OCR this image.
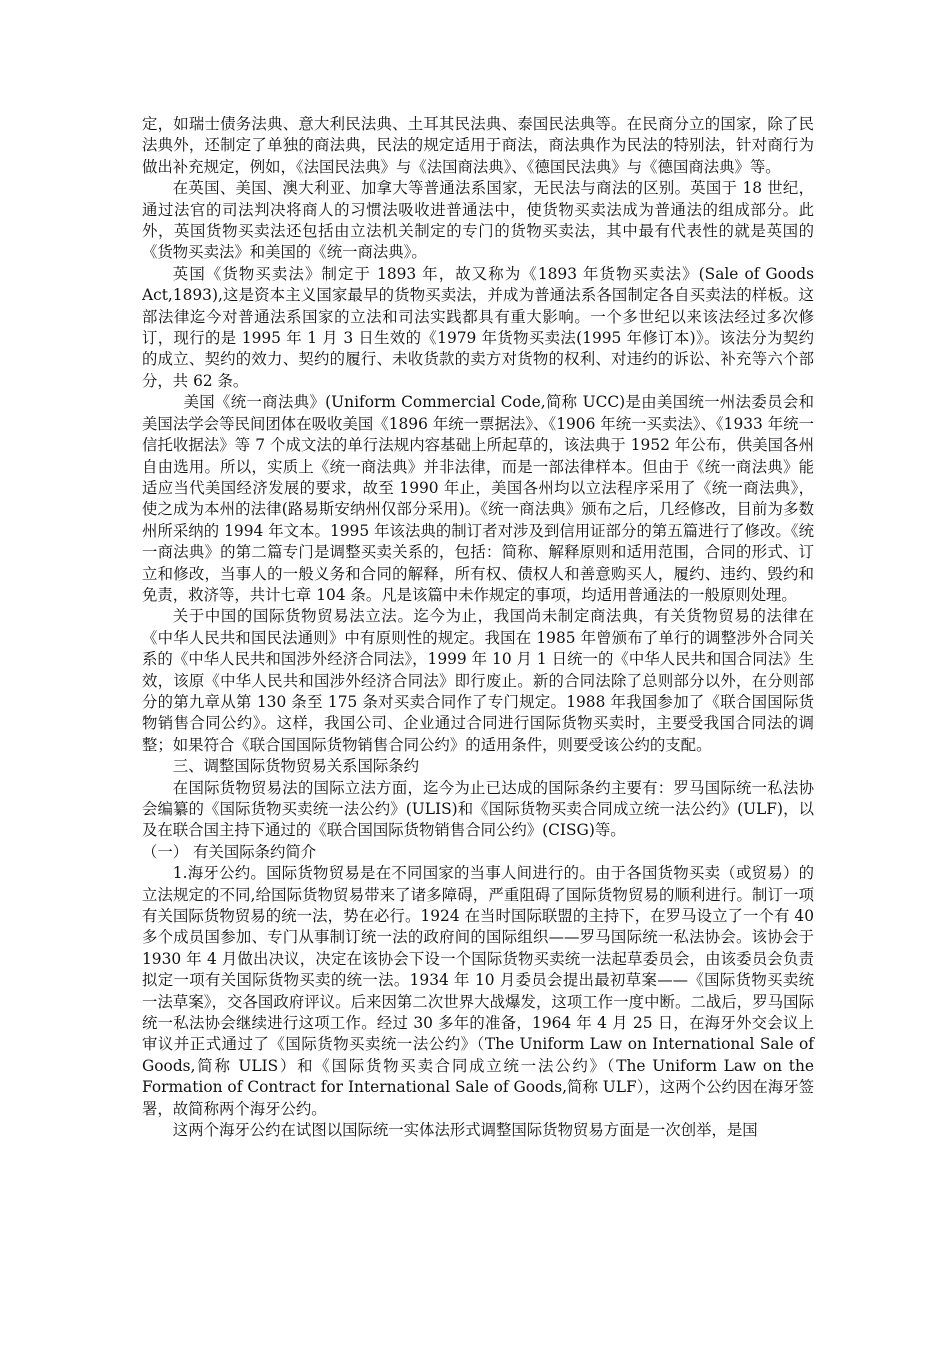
定，如瑞士债务法典、意大利民法典、土耳其民法典、泰国民法典等。在民商分立的国家，除了民法典外，还制定了单独的商法典，民法的规定适用于商法，商法典作为民法的特别法，针对商行为做出补充规定，例如，《法国民法典》与《法国商法典》、《德国民法典》与《德国商法典》等。

在英国、美国、澳大利亚、加拿大等普通法系国家，无民法与商法的区别。英国于 18 世纪，通过法官的司法判决将商人的习惯法吸收进普通法中，使货物买卖法成为普通法的组成部分。此外，英国货物买卖法还包括由立法机关制定的专门的货物买卖法，其中最有代表性的就是英国的《货物买卖法》和美国的《统一商法典》。

英国《货物买卖法》制定于 1893 年，故又称为《1893 年货物买卖法》(Sale of Goods Act,1893),这是资本主义国家最早的货物买卖法，并成为普通法系各国制定各自买卖法的样板。这部法律迄今对普通法系国家的立法和司法实践都具有重大影响。一个多世纪以来该法经过多次修订，现行的是 1995 年 1 月 3 日生效的《1979 年货物买卖法(1995 年修订本)》。该法分为契约的成立、契约的效力、契约的履行、未收货款的卖方对货物的权利、对违约的诉讼、补充等六个部分，共 62 条。

美国《统一商法典》(Uniform Commercial Code,简称 UCC)是由美国统一州法委员会和美国法学会等民间团体在吸收美国《1896 年统一票据法》、《1906 年统一买卖法》、《1933 年统一信托收据法》等 7 个成文法的单行法规内容基础上所起草的，该法典于 1952 年公布，供美国各州自由选用。所以，实质上《统一商法典》并非法律，而是一部法律样本。但由于《统一商法典》能适应当代美国经济发展的要求，故至 1990 年止，美国各州均以立法程序采用了《统一商法典》，使之成为本州的法律(路易斯安纳州仅部分采用)。《统一商法典》颁布之后，几经修改，目前为多数州所采纳的 1994 年文本。1995 年该法典的制订者对涉及到信用证部分的第五篇进行了修改。《统一商法典》的第二篇专门是调整买卖关系的，包括：简称、解释原则和适用范围，合同的形式、订立和修改，当事人的一般义务和合同的解释，所有权、债权人和善意购买人，履约、违约、毁约和免责，救济等，共计七章 104 条。凡是该篇中未作规定的事项，均适用普通法的一般原则处理。

关于中国的国际货物贸易法立法。迄今为止，我国尚未制定商法典，有关货物贸易的法律在《中华人民共和国民法通则》中有原则性的规定。我国在 1985 年曾颁布了单行的调整涉外合同关系的《中华人民共和国涉外经济合同法》，1999 年 10 月 1 日统一的《中华人民共和国合同法》生效，该原《中华人民共和国涉外经济合同法》即行废止。新的合同法除了总则部分以外，在分则部分的第九章从第 130 条至 175 条对买卖合同作了专门规定。1988 年我国参加了《联合国国际货物销售合同公约》。这样，我国公司、企业通过合同进行国际货物买卖时，主要受我国合同法的调整；如果符合《联合国国际货物销售合同公约》的适用条件，则要受该公约的支配。

三、调整国际货物贸易关系国际条约

在国际货物贸易法的国际立法方面，迄今为止已达成的国际条约主要有：罗马国际统一私法协会编纂的《国际货物买卖统一法公约》(ULIS)和《国际货物买卖合同成立统一法公约》(ULF)，以及在联合国主持下通过的《联合国国际货物销售合同公约》(CISG)等。

（一） 有关国际条约简介

1.海牙公约。国际货物贸易是在不同国家的当事人间进行的。由于各国货物买卖（或贸易）的立法规定的不同,给国际货物贸易带来了诸多障碍，严重阻碍了国际货物贸易的顺利进行。制订一项有关国际货物贸易的统一法，势在必行。1924 在当时国际联盟的主持下，在罗马设立了一个有 40 多个成员国参加、专门从事制订统一法的政府间的国际组织——罗马国际统一私法协会。该协会于 1930 年 4 月做出决议，决定在该协会下设一个国际货物买卖统一法起草委员会，由该委员会负责拟定一项有关国际货物买卖的统一法。1934 年 10 月委员会提出最初草案——《国际货物买卖统一法草案》，交各国政府评议。后来因第二次世界大战爆发，这项工作一度中断。二战后，罗马国际统一私法协会继续进行这项工作。经过 30 多年的准备，1964 年 4 月 25 日，在海牙外交会议上审议并正式通过了《国际货物买卖统一法公约》（The Uniform Law on International Sale of Goods,简称 ULIS）和《国际货物买卖合同成立统一法公约》（The Uniform Law on the Formation of Contract for International Sale of Goods,简称 ULF），这两个公约因在海牙签署，故简称两个海牙公约。

这两个海牙公约在试图以国际统一实体法形式调整国际货物贸易方面是一次创举，是国
